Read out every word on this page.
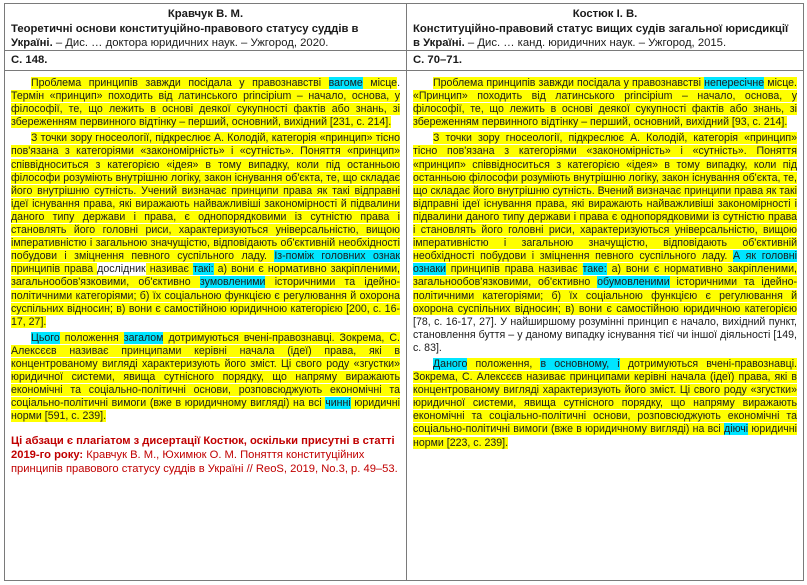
Кравчук В. М.
Теоретичні основи конституційно-правового статусу суддів в Україні. – Дис. … доктора юридичних наук. – Ужгород, 2020.
С. 148.

Проблема принципів завжди посідала у правознавстві вагоме місце. Термін «принцип» походить від латинського principium – начало, основа, у філософії, те, що лежить в основі деякої сукупності фактів або знань, зі збереженням первинного відтінку – перший, основний, вихідний [231, с. 214].

З точки зору гносеології, підкреслює А. Колодій, категорія «принцип» тісно пов'язана з категоріями «закономірність» і «сутність». Поняття «принцип» співвідноситься з категорією «ідея» в тому випадку, коли під останньою філософи розуміють внутрішню логіку, закон існування об'єкта, те, що складає його внутрішню сутність. Учений визначає принципи права як такі відправні ідеї існування права, які виражають найважливіші закономірності й підвалини даного типу держави і права, є однопорядковими із сутністю права і становлять його головні риси, характеризуються універсальністю, вищою імперативністю і загальною значущістю, відповідають об'єктивній необхідності побудови і зміцнення певного суспільного ладу. Із-поміж головних ознак принципів права дослідник називає такі: а) вони є нормативно закріпленими, загальнообов'язковими, об'єктивно зумовленими історичними та ідейно-політичними категоріями; б) їх соціальною функцією є регулювання й охорона суспільних відносин; в) вони є самостійною юридичною категорією [200, с. 16-17, 27].

Цього положення загалом дотримуються вчені-правознавці. Зокрема, С. Алексєєв називає принципами керівні начала (ідеї) права, які в концентрованому вигляді характеризують його зміст. Ці свого роду «згустки» юридичної системи, явища сутнісного порядку, що напряму виражають економічні та соціально-політичні основи, розповсюджують економічні та соціально-політичні вимоги (вже в юридичному вигляді) на всі чинні юридичні норми [591, с. 239].

Ці абзаци є плагіатом з дисертації Костюк, оскільки присутні в статті 2019-го року: Кравчук В. М., Юхимюк О. М. Поняття конституційних принципів правового статусу суддів в Україні // ReoS, 2019, No.3, р. 49–53.
Костюк І. В.
Конституційно-правовий статус вищих судів загальної юрисдикції в Україні. – Дис. … канд. юридичних наук. – Ужгород, 2015.
С. 70–71.

Проблема принципів завжди посідала у правознавстві непересічне місце. «Принцип» походить від латинського principium – начало, основа, у філософії, те, що лежить в основі деякої сукупності фактів або знань, зі збереженням первинного відтінку – перший, основний, вихідний [93, с. 214].

З точки зору гносеології, підкреслює А. Колодій, категорія «принцип» тісно пов'язана з категоріями «закономірність» і «сутність». Поняття «принцип» співвідноситься з категорією «ідея» в тому випадку, коли під останньою філософи розуміють внутрішню логіку, закон існування об'єкта, те, що складає його внутрішню сутність. Вчений визначає принципи права як такі відправні ідеї існування права, які виражають найважливіші закономірності і підвалини даного типу держави і права є однопорядковими із сутністю права і становлять його головні риси, характеризуються універсальністю, вищою імперативністю і загальною значущістю, відповідають об'єктивній необхідності побудови і зміцнення певного суспільного ладу. А як головні ознаки принципів права називає таке: а) вони є нормативно закріпленими, загальнообов'язковими, об'єктивно обумовленими історичними та ідейно-політичними категоріями; б) їх соціальною функцією є регулювання й охорона суспільних відносин; в) вони є самостійною юридичною категорією [78, с. 16-17, 27]. У найширшому розумінні принцип є начало, вихідний пункт, становлення буття – у даному випадку існування тієї чи іншої діяльності [149, с. 83].

Даного положення, в основному, і дотримуються вчені-правознавці. Зокрема, С. Алексєєв називає принципами керівні начала (ідеї) права, які в концентрованому вигляді характеризують його зміст. Ці свого роду «згустки» юридичної системи, явища сутнісного порядку, що напряму виражають економічні та соціально-політичні основи, розповсюджують економічні та соціально-політичні вимоги (вже в юридичному вигляді) на всі діючі юридичні норми [223, с. 239].
